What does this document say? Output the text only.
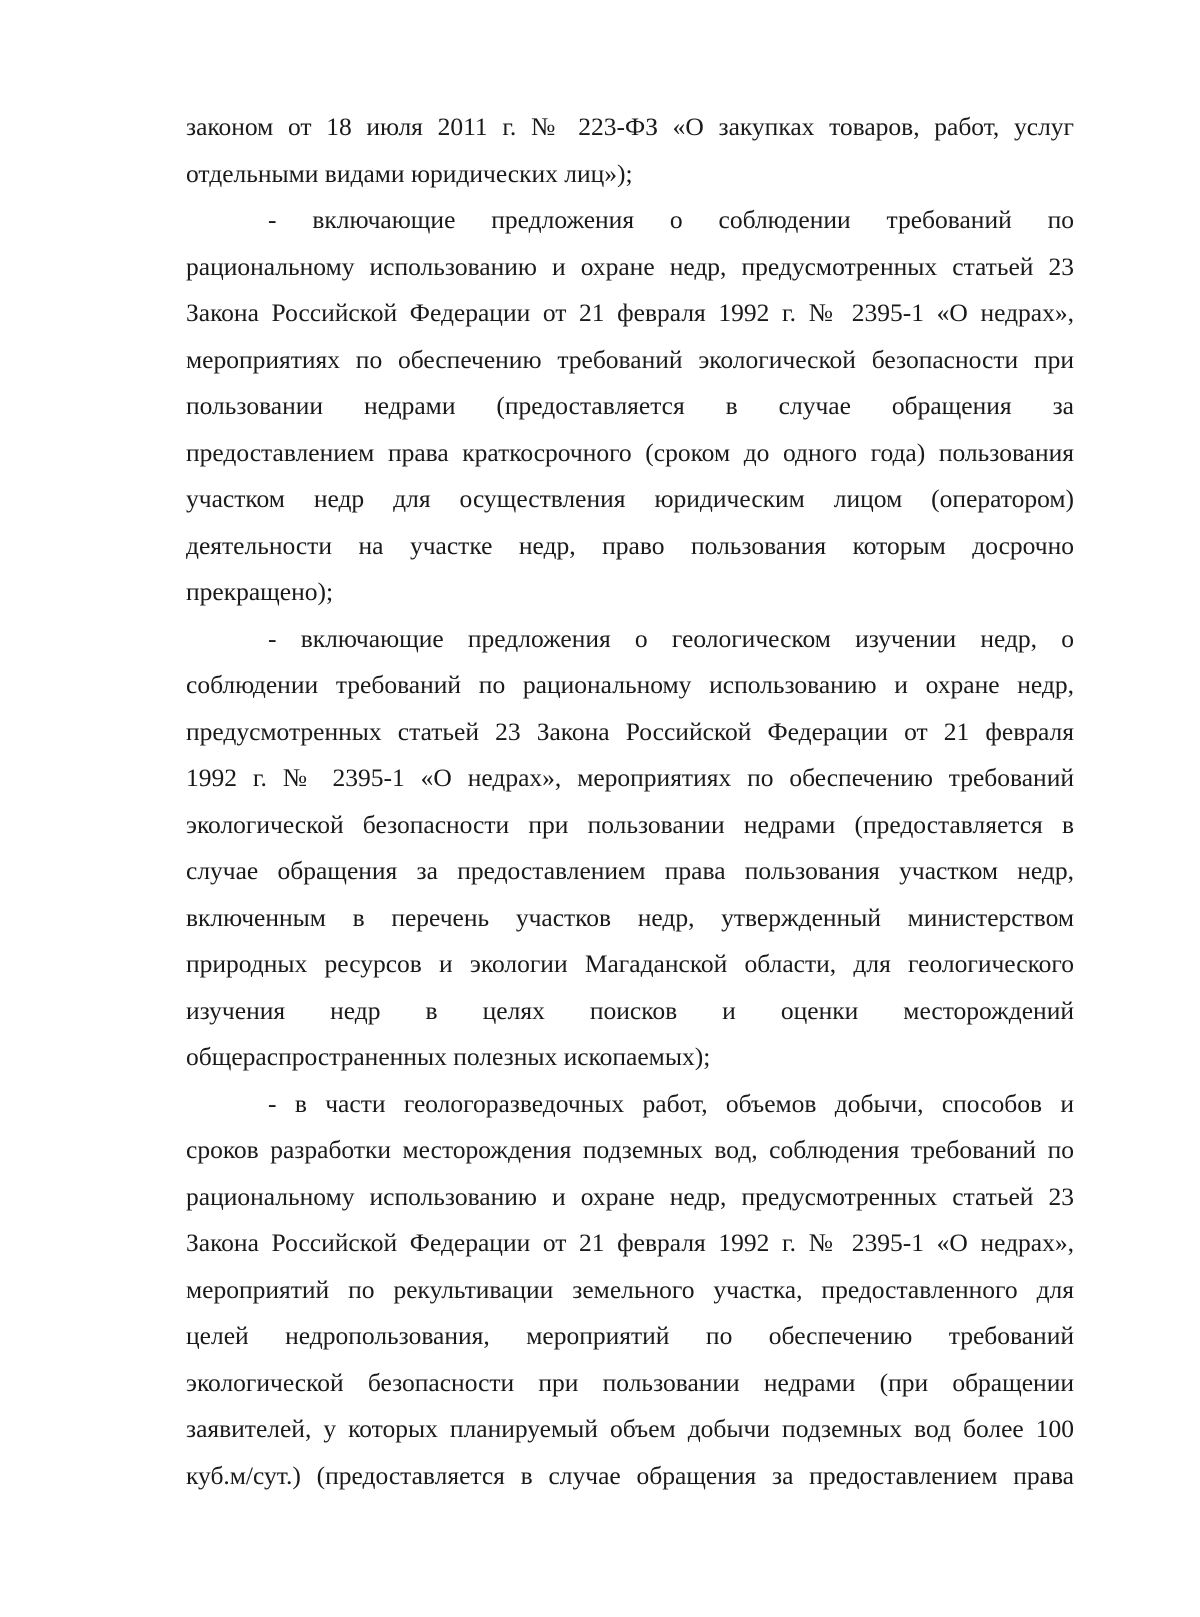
законом от 18 июля 2011 г. № 223-ФЗ «О закупках товаров, работ, услуг
отдельными видами юридических лиц»);
- включающие предложения о соблюдении требований по
рациональному использованию и охране недр, предусмотренных статьей 23
Закона Российской Федерации от 21 февраля 1992 г. № 2395-1 «О недрах»,
мероприятиях по обеспечению требований экологической безопасности при
пользовании недрами (предоставляется в случае обращения за
предоставлением права краткосрочного (сроком до одного года) пользования
участком недр для осуществления юридическим лицом (оператором)
деятельности на участке недр, право пользования которым досрочно
прекращено);
- включающие предложения о геологическом изучении недр, о
соблюдении требований по рациональному использованию и охране недр,
предусмотренных статьей 23 Закона Российской Федерации от 21 февраля
1992 г. № 2395-1 «О недрах», мероприятиях по обеспечению требований
экологической безопасности при пользовании недрами (предоставляется в
случае обращения за предоставлением права пользования участком недр,
включенным в перечень участков недр, утвержденный министерством
природных ресурсов и экологии Магаданской области, для геологического
изучения недр в целях поисков и оценки месторождений
общераспространенных полезных ископаемых);
- в части геологоразведочных работ, объемов добычи, способов и
сроков разработки месторождения подземных вод, соблюдения требований по
рациональному использованию и охране недр, предусмотренных статьей 23
Закона Российской Федерации от 21 февраля 1992 г. № 2395-1 «О недрах»,
мероприятий по рекультивации земельного участка, предоставленного для
целей недропользования, мероприятий по обеспечению требований
экологической безопасности при пользовании недрами (при обращении
заявителей, у которых планируемый объем добычи подземных вод более 100
куб.м/сут.) (предоставляется в случае обращения за предоставлением права
